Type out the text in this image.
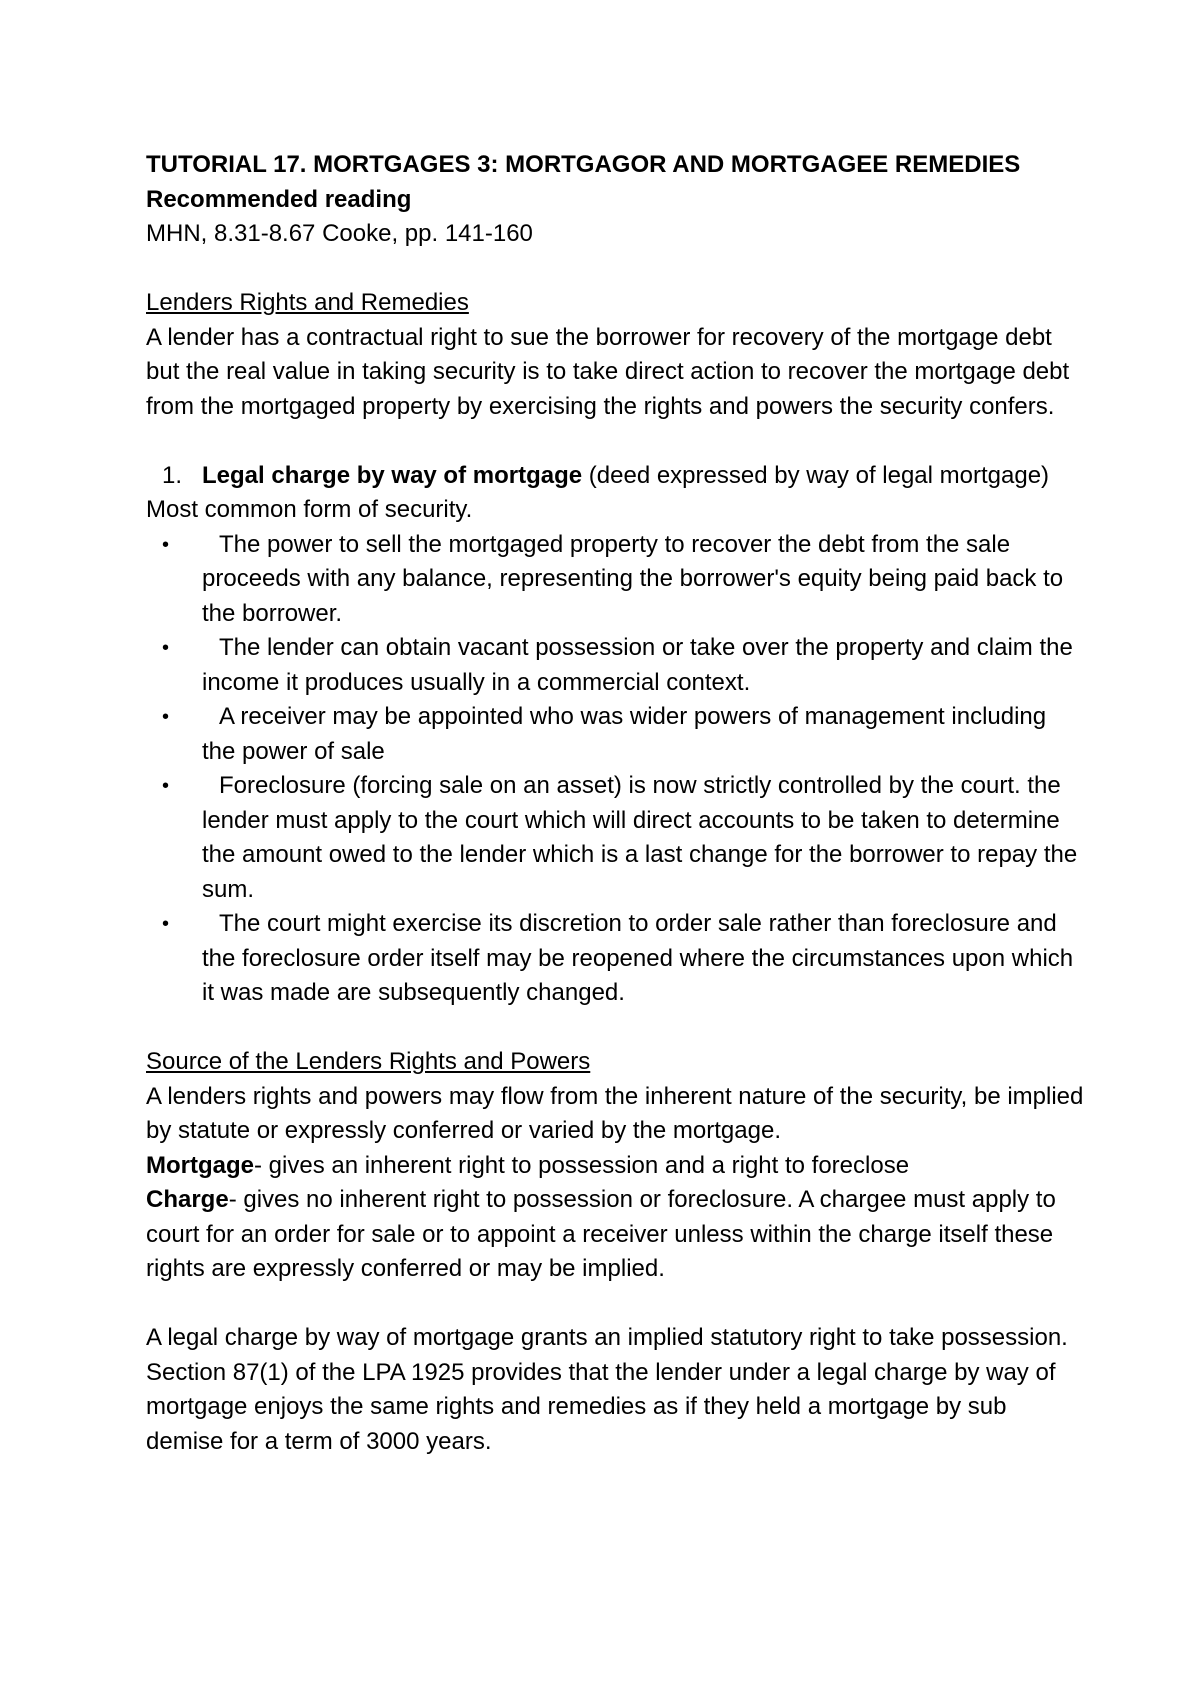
TUTORIAL 17. MORTGAGES 3: MORTGAGOR AND MORTGAGEE REMEDIES

Recommended reading

MHN, 8.31-8.67 Cooke, pp. 141-160

Lenders Rights and Remedies

A lender has a contractual right to sue the borrower for recovery of the mortgage debt but the real value in taking security is to take direct action to recover the mortgage debt from the mortgaged property by exercising the rights and powers the security confers.

1. Legal charge by way of mortgage (deed expressed by way of legal mortgage)

Most common form of security.

• The power to sell the mortgaged property to recover the debt from the sale proceeds with any balance, representing the borrower's equity being paid back to the borrower.
• The lender can obtain vacant possession or take over the property and claim the income it produces usually in a commercial context.
• A receiver may be appointed who was wider powers of management including the power of sale
• Foreclosure (forcing sale on an asset) is now strictly controlled by the court. the lender must apply to the court which will direct accounts to be taken to determine the amount owed to the lender which is a last change for the borrower to repay the sum.
• The court might exercise its discretion to order sale rather than foreclosure and the foreclosure order itself may be reopened where the circumstances upon which it was made are subsequently changed.

Source of the Lenders Rights and Powers

A lenders rights and powers may flow from the inherent nature of the security, be implied by statute or expressly conferred or varied by the mortgage.

Mortgage- gives an inherent right to possession and a right to foreclose

Charge- gives no inherent right to possession or foreclosure. A chargee must apply to court for an order for sale or to appoint a receiver unless within the charge itself these rights are expressly conferred or may be implied.

A legal charge by way of mortgage grants an implied statutory right to take possession. Section 87(1) of the LPA 1925 provides that the lender under a legal charge by way of mortgage enjoys the same rights and remedies as if they held a mortgage by sub demise for a term of 3000 years.
